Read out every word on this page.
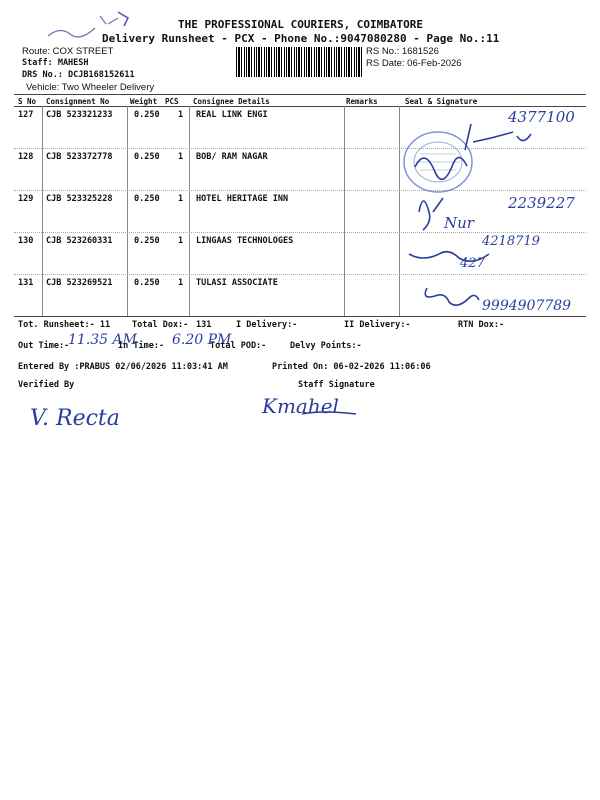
THE PROFESSIONAL COURIERS, COIMBATORE
Delivery Runsheet - PCX - Phone No.:9047080280 - Page No.:11
Route: COX STREET
Staff: MAHESH
DRS No.: DCJB168152611
Vehicle: Two Wheeler Delivery
RS No.: 1681526
RS Date: 06-Feb-2026
S No Consignment No	Weight PCS Consignee Details	Remarks	Seal & Signature
127 CJB 523321233	0.250 1 REAL LINK ENGI
128 CJB 523372778	0.250 1 BOB/ RAM NAGAR
129 CJB 523325228	0.250 1 HOTEL HERITAGE INN
130 CJB 523260331	0.250 1 LINGAAS TECHNOLOGES
131 CJB 523269521	0.250 1 TULASI ASSOCIATE
4377100
2239227
Nur
4218719
427
9994907789
Tot. Runsheet:- 11	Total Dox:- 131	I Delivery:-	II Delivery:-	RTN Dox:-
Out Time:-
11.35 AM
In Time:- 6.20 PM
Total POD:-	Delvy Points:-
Entered By :PRABUS 02/06/2026 11:03:41 AM	Printed On: 06-02-2026 11:06:06
Verified By	Staff Signature
V. Recta	Kmahel
